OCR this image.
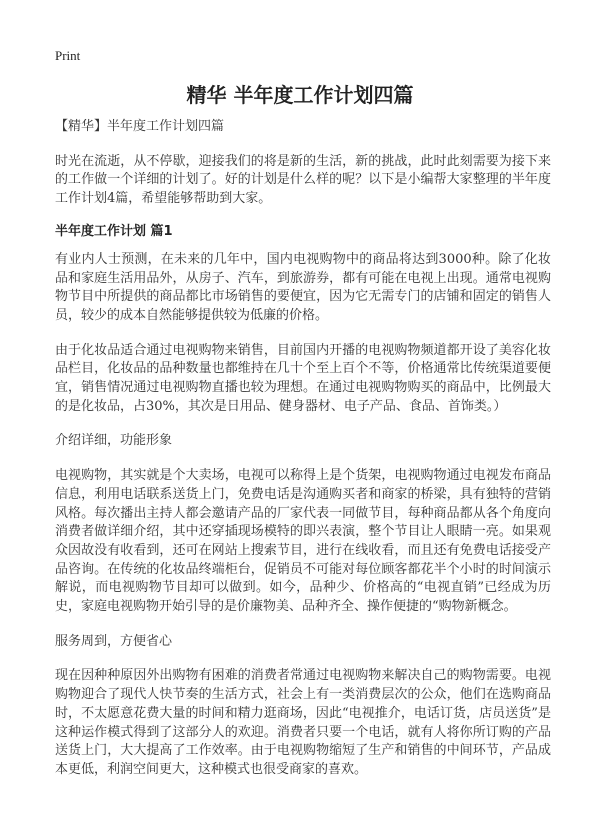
Print
精华 半年度工作计划四篇

【精华】半年度工作计划四篇

时光在流逝，从不停歇，迎接我们的将是新的生活，新的挑战，此时此刻需要为接下来的工作做一个详细的计划了。好的计划是什么样的呢？以下是小编帮大家整理的半年度工作计划4篇，希望能够帮助到大家。

半年度工作计划 篇1

有业内人士预测，在未来的几年中，国内电视购物中的商品将达到3000种。除了化妆品和家庭生活用品外，从房子、汽车，到旅游券，都有可能在电视上出现。通常电视购物节目中所提供的商品都比市场销售的要便宜，因为它无需专门的店铺和固定的销售人员，较少的成本自然能够提供较为低廉的价格。

由于化妆品适合通过电视购物来销售，目前国内开播的电视购物频道都开设了美容化妆品栏目，化妆品的品种数量也都维持在几十个至上百个不等，价格通常比传统渠道要便宜，销售情况通过电视购物直播也较为理想。在通过电视购物购买的商品中，比例最大的是化妆品，占30%，其次是日用品、健身器材、电子产品、食品、首饰类。）

介绍详细，功能形象

电视购物，其实就是个大卖场，电视可以称得上是个货架，电视购物通过电视发布商品信息，利用电话联系送货上门，免费电话是沟通购买者和商家的桥梁，具有独特的营销风格。每次播出主持人都会邀请产品的厂家代表一同做节目，每种商品都从各个角度向消费者做详细介绍，其中还穿插现场模特的即兴表演，整个节目让人眼睛一亮。如果观众因故没有收看到，还可在网站上搜索节目，进行在线收看，而且还有免费电话接受产品咨询。在传统的化妆品终端柜台，促销员不可能对每位顾客都花半个小时的时间演示解说，而电视购物节目却可以做到。如今，品种少、价格高的“电视直销”已经成为历史，家庭电视购物开始引导的是价廉物美、品种齐全、操作便捷的“购物新概念。

服务周到，方便省心

现在因种种原因外出购物有困难的消费者常通过电视购物来解决自己的购物需要。电视购物迎合了现代人快节奏的生活方式，社会上有一类消费层次的公众，他们在选购商品时，不太愿意花费大量的时间和精力逛商场，因此“电视推介，电话订货，店员送货”是这种运作模式得到了这部分人的欢迎。消费者只要一个电话，就有人将你所订购的产品送货上门，大大提高了工作效率。由于电视购物缩短了生产和销售的中间环节，产品成本更低，利润空间更大，这种模式也很受商家的喜欢。
